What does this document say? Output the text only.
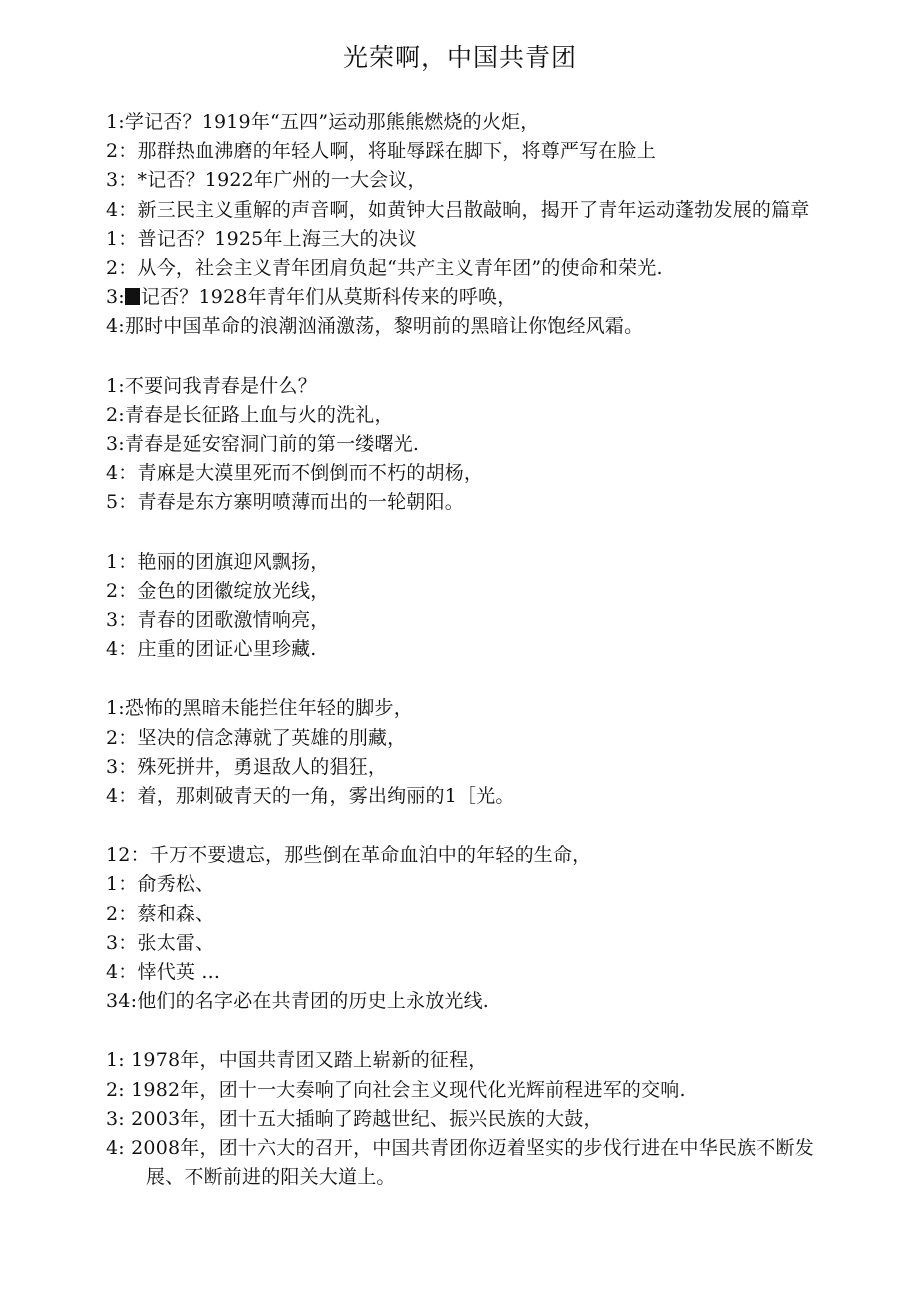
光荣啊，中国共青团
1:学记否？1919年“五四”运动那熊熊燃烧的火炬，
2：那群热血沸磨的年轻人啊，将耻辱踩在脚下，将尊严写在脸上
3：*记否？1922年广州的一大会议，
4：新三民主义重解的声音啊，如黄钟大吕散敲晌，揭开了青年运动蓬勃发展的篇章
1：普记否？1925年上海三大的决议
2：从今，社会主义青年团肩负起“共产主义青年团”的使命和荣光.
3: 记否？1928年青年们从莫斯科传来的呼唤，
4:那时中国革命的浪潮汹涌激荡，黎明前的黑暗让你饱经风霜。
1:不要问我青春是什么？
2:青春是长征路上血与火的洗礼，
3:青春是延安窑洞门前的第一缕曙光.
4：青麻是大漠里死而不倒倒而不朽的胡杨，
5：青春是东方寨明喷薄而出的一轮朝阳。
1：艳丽的团旗迎风飘扬，
2：金色的团徽绽放光线，
3：青春的团歌激情响亮，
4：庄重的团证心里珍藏.
1:恐怖的黑暗未能拦住年轻的脚步，
2：坚决的信念薄就了英雄的刖藏，
3：殊死拼井，勇退敌人的猖狂，
4：着，那刺破青天的一角，雾出绚丽的1［光。
12：千万不要遗忘，那些倒在革命血泊中的年轻的生命，
1：俞秀松、
2：蔡和森、
3：张太雷、
4：悻代英 ...
34:他们的名字必在共青团的历史上永放光线.
1: 1978年，中国共青团又踏上崭新的征程，
2: 1982年，团十一大奏响了向社会主义现代化光辉前程进军的交响.
3: 2003年，团十五大插晌了跨越世纪、振兴民族的大鼓，
4: 2008年，团十六大的召开，中国共青团你迈着坚实的步伐行进在中华民族不断发展、不断前进的阳关大道上。
